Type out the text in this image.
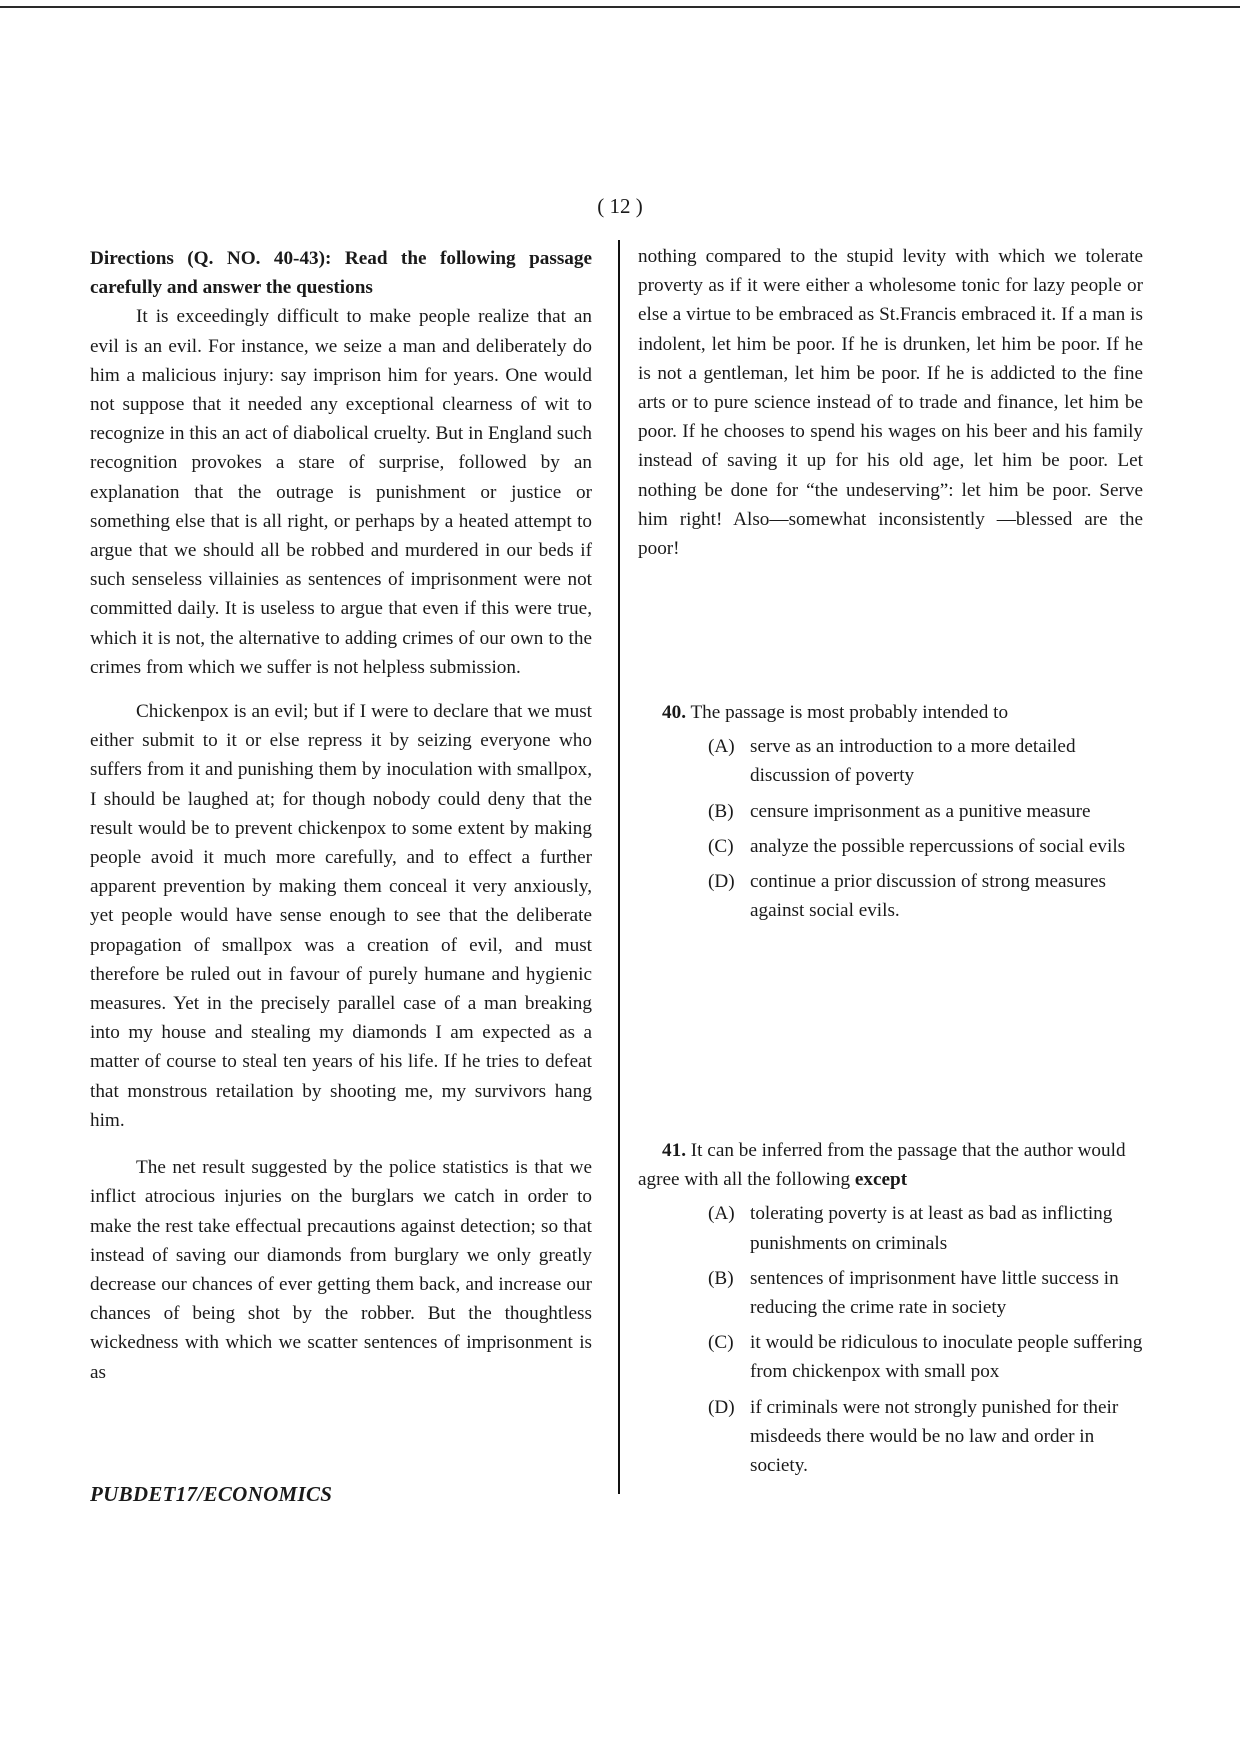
( 12 )

Directions (Q. NO. 40-43): Read the following passage carefully and answer the questions

It is exceedingly difficult to make people realize that an evil is an evil. For instance, we seize a man and deliberately do him a malicious injury: say imprison him for years. One would not suppose that it needed any exceptional clearness of wit to recognize in this an act of diabolical cruelty. But in England such recognition provokes a stare of surprise, followed by an explanation that the outrage is punishment or justice or something else that is all right, or perhaps by a heated attempt to argue that we should all be robbed and murdered in our beds if such senseless villainies as sentences of imprisonment were not committed daily. It is useless to argue that even if this were true, which it is not, the alternative to adding crimes of our own to the crimes from which we suffer is not helpless submission.

Chickenpox is an evil; but if I were to declare that we must either submit to it or else repress it by seizing everyone who suffers from it and punishing them by inoculation with smallpox, I should be laughed at; for though nobody could deny that the result would be to prevent chickenpox to some extent by making people avoid it much more carefully, and to effect a further apparent prevention by making them conceal it very anxiously, yet people would have sense enough to see that the deliberate propagation of smallpox was a creation of evil, and must therefore be ruled out in favour of purely humane and hygienic measures. Yet in the precisely parallel case of a man breaking into my house and stealing my diamonds I am expected as a matter of course to steal ten years of his life. If he tries to defeat that monstrous retailation by shooting me, my survivors hang him.

The net result suggested by the police statistics is that we inflict atrocious injuries on the burglars we catch in order to make the rest take effectual precautions against detection; so that instead of saving our diamonds from burglary we only greatly decrease our chances of ever getting them back, and increase our chances of being shot by the robber. But the thoughtless wickedness with which we scatter sentences of imprisonment is as

nothing compared to the stupid levity with which we tolerate proverty as if it were either a wholesome tonic for lazy people or else a virtue to be embraced as St.Francis embraced it. If a man is indolent, let him be poor. If he is drunken, let him be poor. If he is not a gentleman, let him be poor. If he is addicted to the fine arts or to pure science instead of to trade and finance, let him be poor. If he chooses to spend his wages on his beer and his family instead of saving it up for his old age, let him be poor. Let nothing be done for “the undeserving”: let him be poor. Serve him right! Also—somewhat inconsistently —blessed are the poor!

40. The passage is most probably intended to
(A) serve as an introduction to a more detailed discussion of poverty
(B) censure imprisonment as a punitive measure
(C) analyze the possible repercussions of social evils
(D) continue a prior discussion of strong measures against social evils.
41. It can be inferred from the passage that the author would agree with all the following except
(A) tolerating poverty is at least as bad as inflicting punishments on criminals
(B) sentences of imprisonment have little success in reducing the crime rate in society
(C) it would be ridiculous to inoculate people suffering from chickenpox with small pox
(D) if criminals were not strongly punished for their misdeeds there would be no law and order in society.
PUBDET17/ECONOMICS
